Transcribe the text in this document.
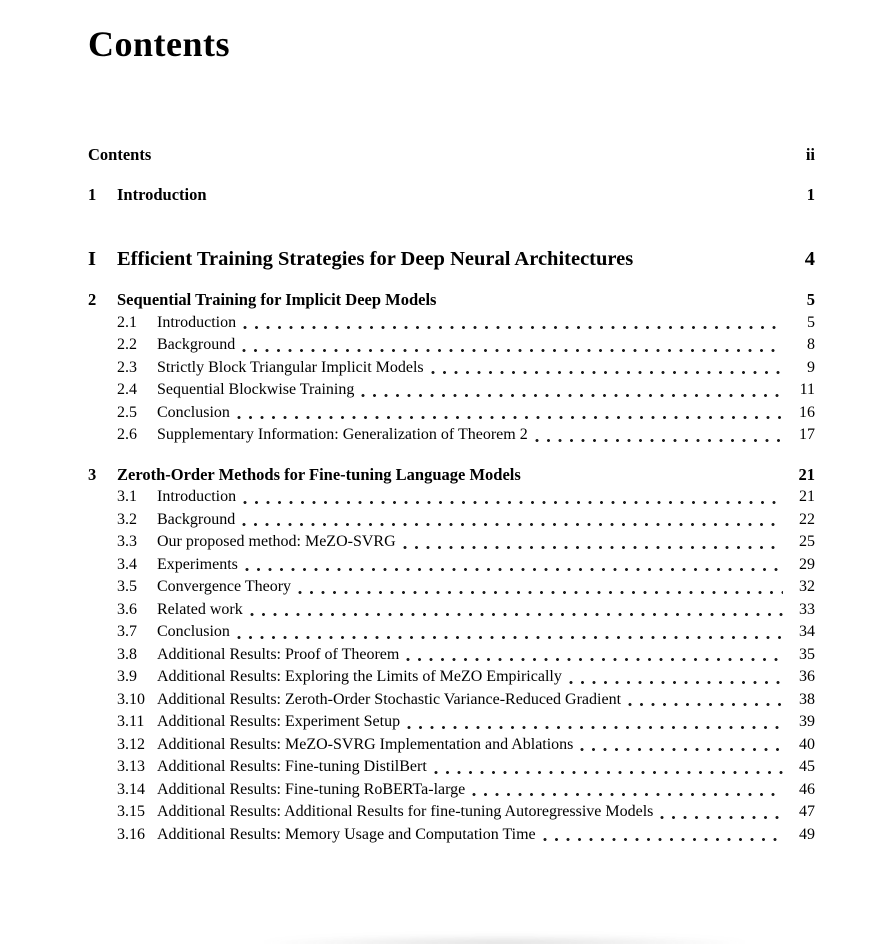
Contents
Contents	ii
1	Introduction	1
I	Efficient Training Strategies for Deep Neural Architectures	4
2	Sequential Training for Implicit Deep Models	5
2.1	Introduction	5
2.2	Background	8
2.3	Strictly Block Triangular Implicit Models	9
2.4	Sequential Blockwise Training	11
2.5	Conclusion	16
2.6	Supplementary Information: Generalization of Theorem 2	17
3	Zeroth-Order Methods for Fine-tuning Language Models	21
3.1	Introduction	21
3.2	Background	22
3.3	Our proposed method: MeZO-SVRG	25
3.4	Experiments	29
3.5	Convergence Theory	32
3.6	Related work	33
3.7	Conclusion	34
3.8	Additional Results: Proof of Theorem	35
3.9	Additional Results: Exploring the Limits of MeZO Empirically	36
3.10 Additional Results: Zeroth-Order Stochastic Variance-Reduced Gradient	38
3.11 Additional Results: Experiment Setup	39
3.12 Additional Results: MeZO-SVRG Implementation and Ablations	40
3.13 Additional Results: Fine-tuning DistilBert	45
3.14 Additional Results: Fine-tuning RoBERTa-large	46
3.15 Additional Results: Additional Results for fine-tuning Autoregressive Models	47
3.16 Additional Results: Memory Usage and Computation Time	49
